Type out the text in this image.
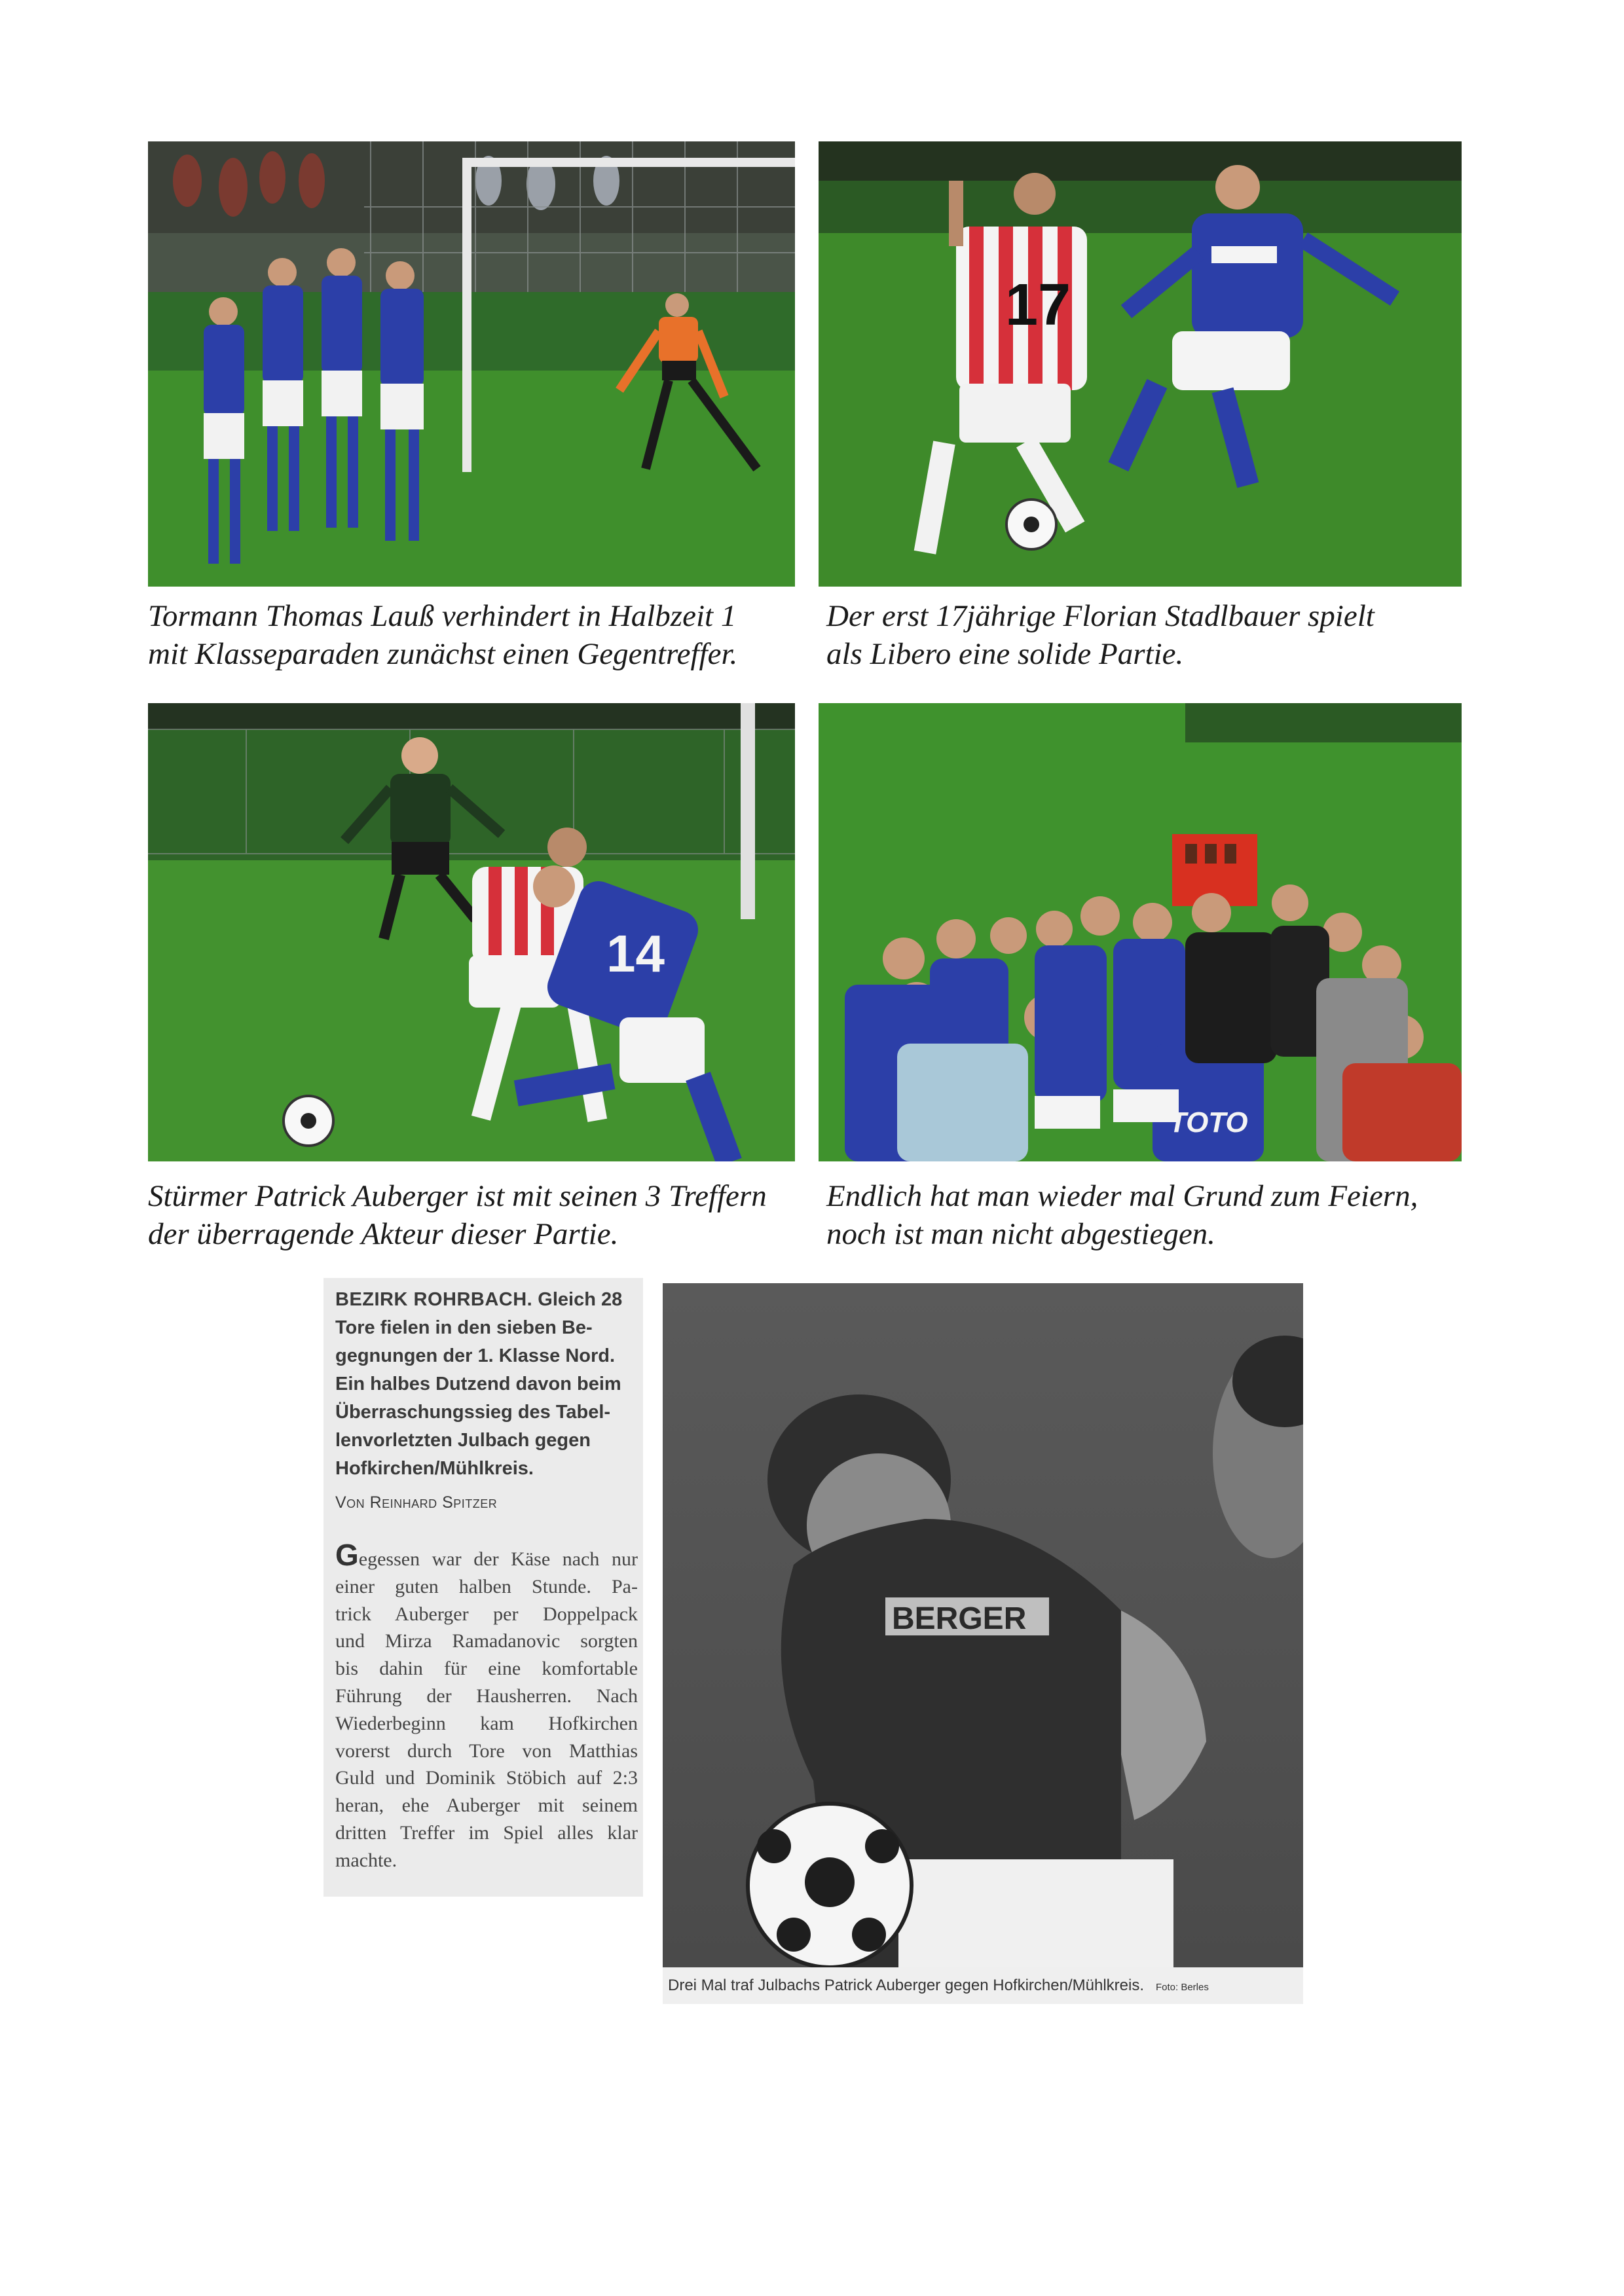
Tormann Thomas Lauß verhindert in Halbzeit 1
mit Klasseparaden zunächst einen Gegentreffer.
17
Der erst 17jährige Florian Stadlbauer spielt
als Libero eine solide Partie.
14
Stürmer Patrick Auberger ist mit seinen 3 Treffern
der überragende Akteur dieser Partie.
TOTO
Endlich hat man wieder mal Grund zum Feiern,
noch ist man nicht abgestiegen.
BEZIRK ROHRBACH. Gleich 28
Tore fielen in den sieben Be-
gegnungen der 1. Klasse Nord.
Ein halbes Dutzend davon beim
Überraschungssieg des Tabel-
lenvorletzten Julbach gegen
Hofkirchen/Mühlkreis.
Von Reinhard Spitzer
Gegessen war der Käse nach nur
einer guten halben Stunde. Pa-
trick Auberger per Doppelpack
und Mirza Ramadanovic sorgten
bis dahin für eine komfortable
Führung der Hausherren. Nach
Wiederbeginn kam Hofkirchen
vorerst durch Tore von Matthias
Guld und Dominik Stöbich auf 2:3
heran, ehe Auberger mit seinem
dritten Treffer im Spiel alles klar
machte.
BERGER
Drei Mal traf Julbachs Patrick Auberger gegen Hofkirchen/Mühlkreis. Foto: Berles
